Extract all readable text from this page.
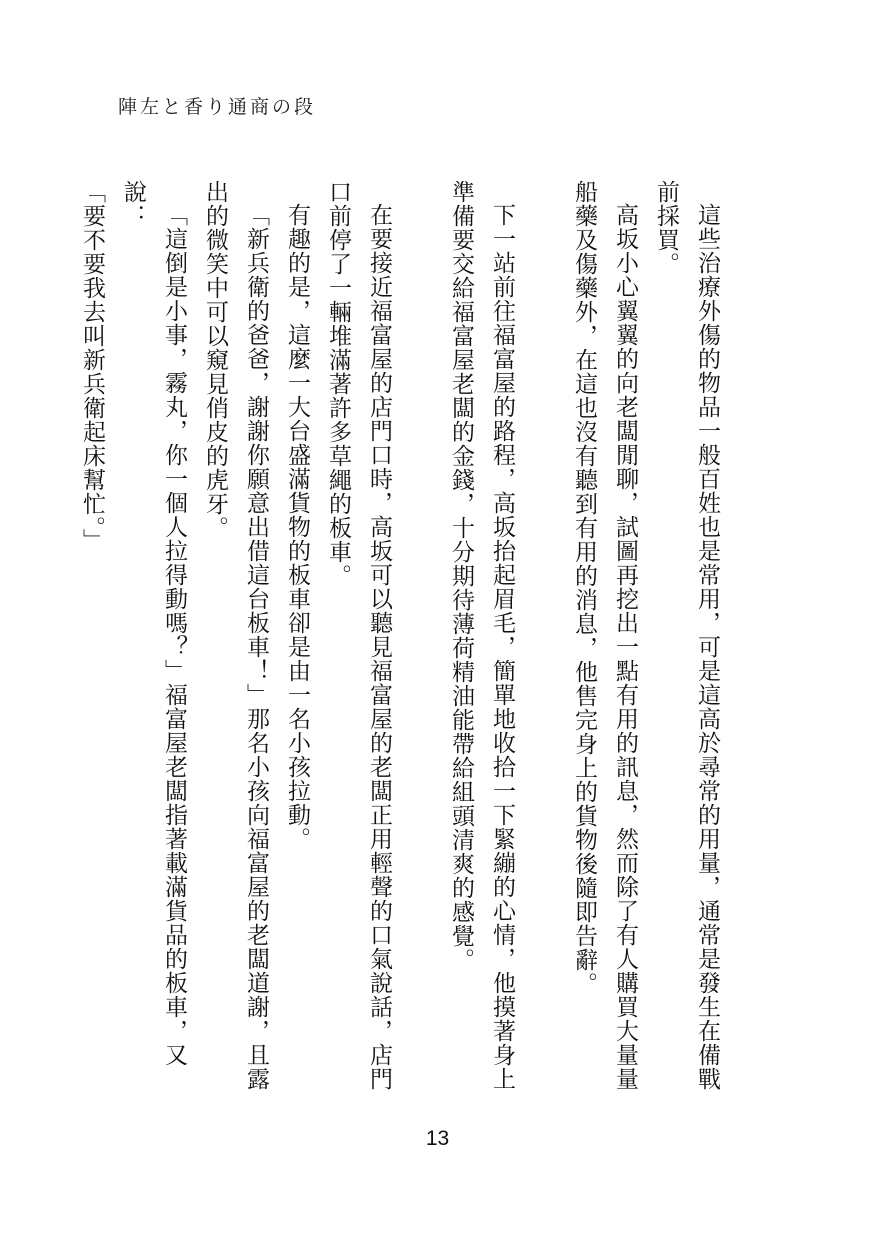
陣左と香り通商の段

這些治療外傷的物品一般百姓也是常用，可是這高於尋常的用量，通常是發生在備戰前採買。

高坂小心翼翼的向老闆閒聊，試圖再挖出一點有用的訊息，然而除了有人購買大量量船藥及傷藥外，在這也沒有聽到有用的消息，他售完身上的貨物後隨即告辭。

下一站前往福富屋的路程，高坂抬起眉毛，簡單地收拾一下緊繃的心情，他摸著身上準備要交給福富屋老闆的金錢，十分期待薄荷精油能帶給組頭清爽的感覺。

在要接近福富屋的店門口時，高坂可以聽見福富屋的老闆正用輕聲的口氣說話，店門口前停了一輛堆滿著許多草繩的板車。

有趣的是，這麼一大台盛滿貨物的板車卻是由一名小孩拉動。

「新兵衛的爸爸，謝謝你願意出借這台板車！」那名小孩向福富屋的老闆道謝，且露出的微笑中可以窺見俏皮的虎牙。

「這倒是小事，霧丸，你一個人拉得動嗎？」福富屋老闆指著載滿貨品的板車，又說：

「要不要我去叫新兵衛起床幫忙。」

13
